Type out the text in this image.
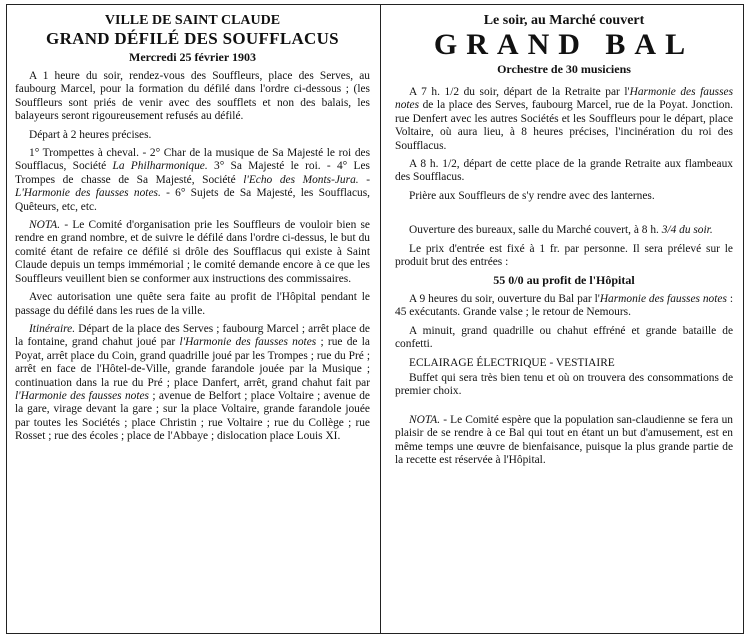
VILLE DE SAINT CLAUDE
GRAND DÉFILÉ DES SOUFFLACUS
Mercredi 25 février 1903

A 1 heure du soir, rendez-vous des Souffleurs, place des Serves, au faubourg Marcel, pour la formation du défilé dans l'ordre ci-dessous ; (les Souffleurs sont priés de venir avec des soufflets et non des balais, les balayeurs seront rigoureusement refusés au défilé.

Départ à 2 heures précises.

1° Trompettes à cheval. - 2° Char de la musique de Sa Majesté le roi des Soufflacus, Société La Philharmonique. 3° Sa Majesté le roi. - 4° Les Trompes de chasse de Sa Majesté, Société l'Echo des Monts-Jura. - L'Harmonie des fausses notes. - 6° Sujets de Sa Majesté, les Soufflacus, Quêteurs, etc, etc.

NOTA. - Le Comité d'organisation prie les Souffleurs de vouloir bien se rendre en grand nombre, et de suivre le défilé dans l'ordre ci-dessus, le but du comité étant de refaire ce défilé si drôle des Soufflacus qui existe à Saint Claude depuis un temps immémorial ; le comité demande encore à ce que les Souffleurs veuillent bien se conformer aux instructions des commissaires.

Avec autorisation une quête sera faite au profit de l'Hôpital pendant le passage du défilé dans les rues de la ville.

Itinéraire. Départ de la place des Serves ; faubourg Marcel ; arrêt place de la fontaine, grand chahut joué par l'Harmonie des fausses notes ; rue de la Poyat, arrêt place du Coin, grand quadrille joué par les Trompes ; rue du Pré ; arrêt en face de l'Hôtel-de-Ville, grande farandole jouée par la Musique ; continuation dans la rue du Pré ; place Danfert, arrêt, grand chahut fait par l'Harmonie des fausses notes ; avenue de Belfort ; place Voltaire ; avenue de la gare, virage devant la gare ; sur la place Voltaire, grande farandole jouée par toutes les Sociétés ; place Christin ; rue Voltaire ; rue du Collège ; rue Rosset ; rue des écoles ; place de l'Abbaye ; dislocation place Louis XI.

Le soir, au Marché couvert
GRAND BAL
Orchestre de 30 musiciens

A 7 h. 1/2 du soir, départ de la Retraite par l'Harmonie des fausses notes de la place des Serves, faubourg Marcel, rue de la Poyat. Jonction. rue Denfert avec les autres Sociétés et les Souffleurs pour le départ, place Voltaire, où aura lieu, à 8 heures précises, l'incinération du roi des Soufflacus.

A 8 h. 1/2, départ de cette place de la grande Retraite aux flambeaux des Soufflacus.

Prière aux Souffleurs de s'y rendre avec des lanternes.

Ouverture des bureaux, salle du Marché couvert, à 8 h. 3/4 du soir.

Le prix d'entrée est fixé à 1 fr. par personne. Il sera prélevé sur le produit brut des entrées :

55 0/0 au profit de l'Hôpital

A 9 heures du soir, ouverture du Bal par l'Harmonie des fausses notes : 45 exécutants. Grande valse ; le retour de Nemours.

A minuit, grand quadrille ou chahut effréné et grande bataille de confetti.

ECLAIRAGE ÉLECTRIQUE - VESTIAIRE

Buffet qui sera très bien tenu et où on trouvera des consommations de premier choix.

NOTA. - Le Comité espère que la population san-claudienne se fera un plaisir de se rendre à ce Bal qui tout en étant un but d'amusement, est en même temps une œuvre de bienfaisance, puisque la plus grande partie de la recette est réservée à l'Hôpital.
